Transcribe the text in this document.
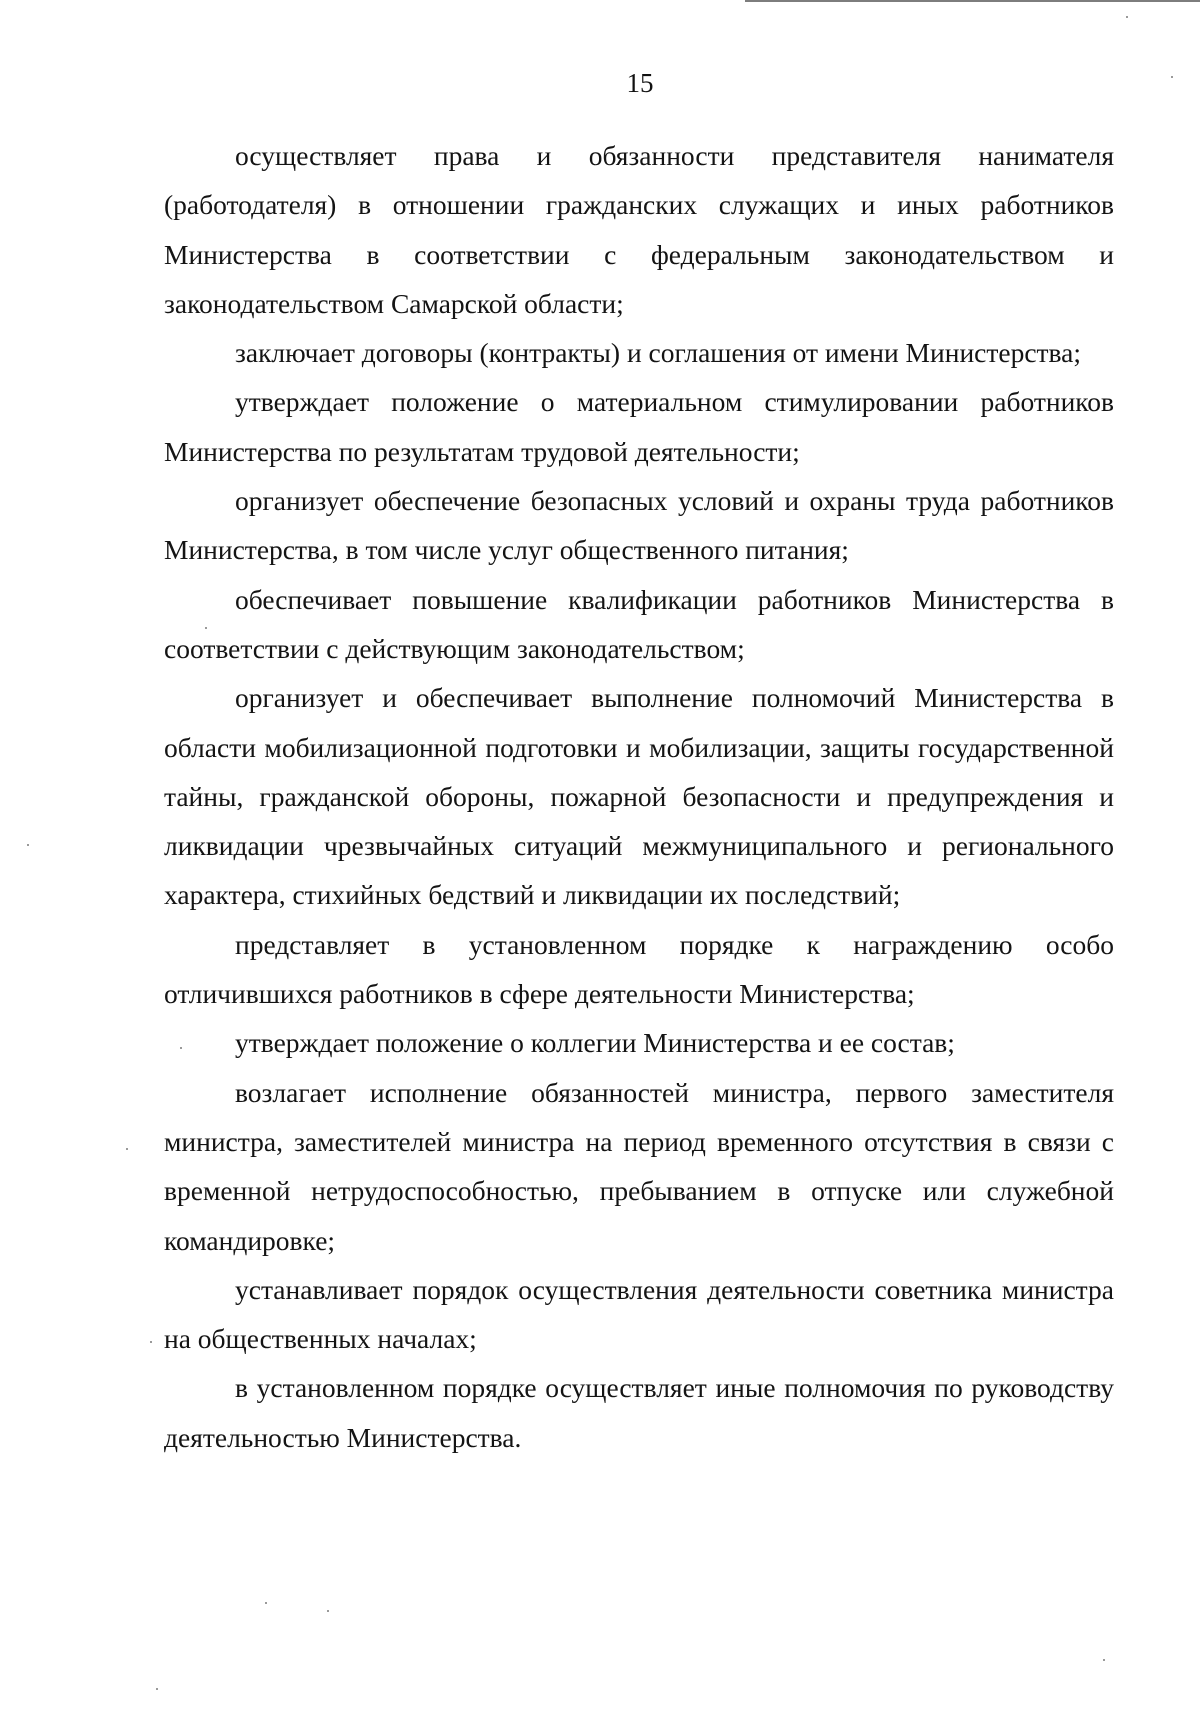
15

осуществляет права и обязанности представителя нанимателя (работодателя) в отношении гражданских служащих и иных работников Министерства в соответствии с федеральным законодательством и законодательством Самарской области;

заключает договоры (контракты) и соглашения от имени Министерства;

утверждает положение о материальном стимулировании работников Министерства по результатам трудовой деятельности;

организует обеспечение безопасных условий и охраны труда работников Министерства, в том числе услуг общественного питания;

обеспечивает повышение квалификации работников Министерства в соответствии с действующим законодательством;

организует и обеспечивает выполнение полномочий Министерства в области мобилизационной подготовки и мобилизации, защиты государственной тайны, гражданской обороны, пожарной безопасности и предупреждения и ликвидации чрезвычайных ситуаций межмуниципального и регионального характера, стихийных бедствий и ликвидации их последствий;

представляет в установленном порядке к награждению особо отличившихся работников в сфере деятельности Министерства;

утверждает положение о коллегии Министерства и ее состав;

возлагает исполнение обязанностей министра, первого заместителя министра, заместителей министра на период временного отсутствия в связи с временной нетрудоспособностью, пребыванием в отпуске или служебной командировке;

устанавливает порядок осуществления деятельности советника министра на общественных началах;

в установленном порядке осуществляет иные полномочия по руководству деятельностью Министерства.
